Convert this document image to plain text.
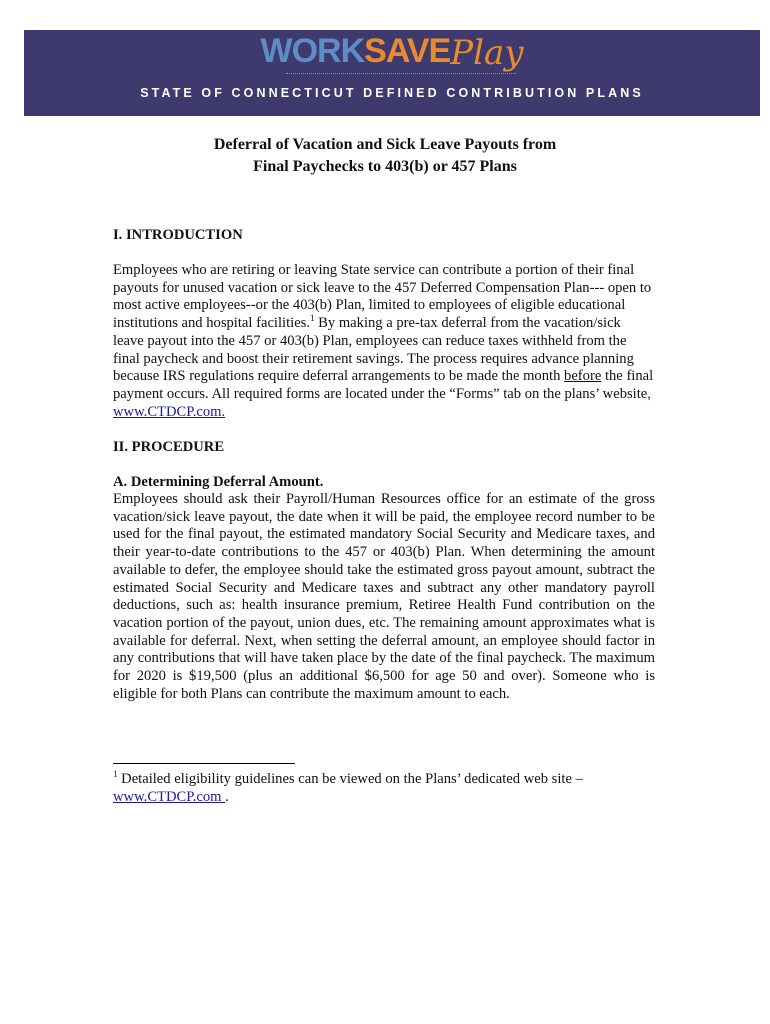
WORKSAVEPlay
STATE OF CONNECTICUT DEFINED CONTRIBUTION PLANS
Deferral of Vacation and Sick Leave Payouts from
Final Paychecks to 403(b) or 457 Plans
I. INTRODUCTION
Employees who are retiring or leaving State service can contribute a portion of their final payouts for unused vacation or sick leave to the 457 Deferred Compensation Plan--- open to most active employees--or the 403(b) Plan, limited to employees of eligible educational institutions and hospital facilities.$^1$ By making a pre-tax deferral from the vacation/sick leave payout into the 457 or 403(b) Plan, employees can reduce taxes withheld from the final paycheck and boost their retirement savings. The process requires advance planning because IRS regulations require deferral arrangements to be made the month before the final payment occurs. All required forms are located under the “Forms” tab on the plans’ website, www.CTDCP.com.
II. PROCEDURE
A. Determining Deferral Amount.
Employees should ask their Payroll/Human Resources office for an estimate of the gross vacation/sick leave payout, the date when it will be paid, the employee record number to be used for the final payout, the estimated mandatory Social Security and Medicare taxes, and their year-to-date contributions to the 457 or 403(b) Plan. When determining the amount available to defer, the employee should take the estimated gross payout amount, subtract the estimated Social Security and Medicare taxes and subtract any other mandatory payroll deductions, such as: health insurance premium, Retiree Health Fund contribution on the vacation portion of the payout, union dues, etc. The remaining amount approximates what is available for deferral. Next, when setting the deferral amount, an employee should factor in any contributions that will have taken place by the date of the final paycheck. The maximum for 2020 is $19,500 (plus an additional $6,500 for age 50 and over). Someone who is eligible for both Plans can contribute the maximum amount to each.
$^1$ Detailed eligibility guidelines can be viewed on the Plans’ dedicated web site –
www.CTDCP.com .
